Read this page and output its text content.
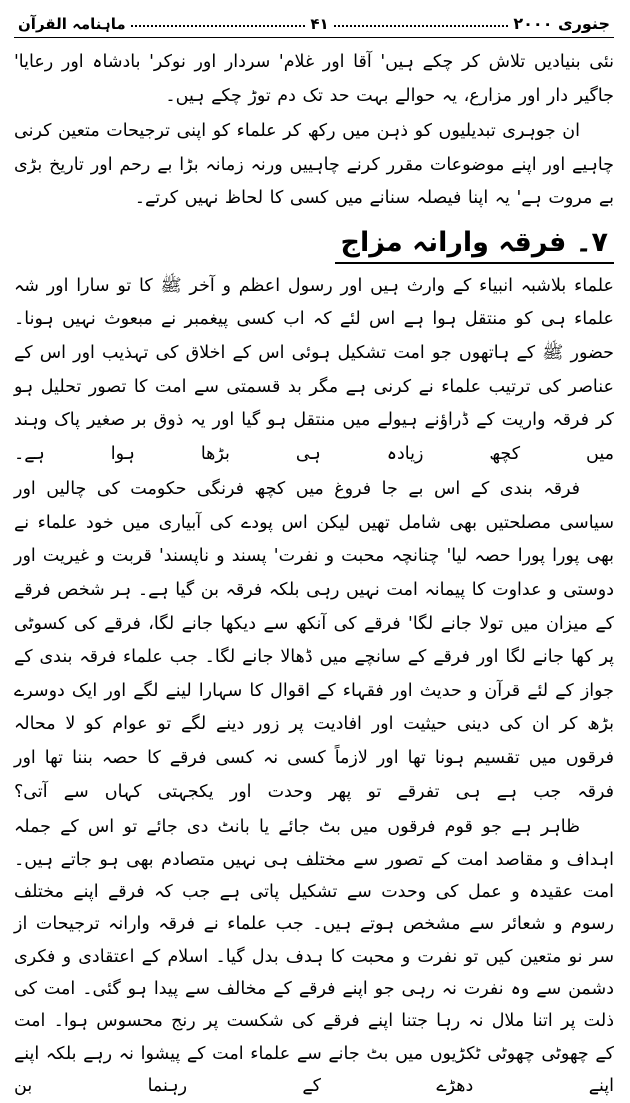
ماہنامہ القرآن	۴۱	جنوری ۲۰۰۰

نئی بنیادیں تلاش کر چکے ہیں' آقا اور غلام' سردار اور نوکر' بادشاہ اور رعایا' جاگیر دار اور مزارع، یہ حوالے بہت حد تک دم توڑ چکے ہیں۔

ان جوہری تبدیلیوں کو ذہن میں رکھ کر علماء کو اپنی ترجیحات متعین کرنی چاہیے اور اپنے موضوعات مقرر کرنے چاہییں ورنہ زمانہ بڑا بے رحم اور تاریخ بڑی بے مروت ہے' یہ اپنا فیصلہ سنانے میں کسی کا لحاظ نہیں کرتے۔

۷۔ فرقہ وارانہ مزاج

علماء بلاشبہ انبیاء کے وارث ہیں اور رسول اعظم و آخر ﷺ کا تو سارا اور شہ علماء ہی کو منتقل ہوا ہے اس لئے کہ اب کسی پیغمبر نے مبعوث نہیں ہونا۔ حضور ﷺ کے ہاتھوں جو امت تشکیل ہوئی اس کے اخلاق کی تہذیب اور اس کے عناصر کی ترتیب علماء نے کرنی ہے مگر بد قسمتی سے امت کا تصور تحلیل ہو کر فرقہ واریت کے ڈراؤنے ہیولے میں منتقل ہو گیا اور یہ ذوق بر صغیر پاک وہند میں کچھ زیادہ ہی بڑھا ہوا ہے۔

فرقہ بندی کے اس بے جا فروغ میں کچھ فرنگی حکومت کی چالیں اور سیاسی مصلحتیں بھی شامل تھیں لیکن اس پودے کی آبیاری میں خود علماء نے بھی پورا پورا حصہ لیا' چنانچہ محبت و نفرت' پسند و ناپسند' قربت و غیریت اور دوستی و عداوت کا پیمانہ امت نہیں رہی بلکہ فرقہ بن گیا ہے۔ ہر شخص فرقے کے میزان میں تولا جانے لگا' فرقے کی آنکھ سے دیکھا جانے لگا، فرقے کی کسوٹی پر کھا جانے لگا اور فرقے کے سانچے میں ڈھالا جانے لگا۔ جب علماء فرقہ بندی کے جواز کے لئے قرآن و حدیث اور فقہاء کے اقوال کا سہارا لینے لگے اور ایک دوسرے بڑھ کر ان کی دینی حیثیت اور افادیت پر زور دینے لگے تو عوام کو لا محالہ فرقوں میں تقسیم ہونا تھا اور لازماً کسی نہ کسی فرقے کا حصہ بننا تھا اور فرقہ جب ہے ہی تفرقے تو پھر وحدت اور یکجہتی کہاں سے آتی؟

ظاہر ہے جو قوم فرقوں میں بٹ جائے یا بانٹ دی جائے تو اس کے جملہ اہداف و مقاصد امت کے تصور سے مختلف ہی نہیں متصادم بھی ہو جاتے ہیں۔ امت عقیدہ و عمل کی وحدت سے تشکیل پاتی ہے جب کہ فرقے اپنے مختلف رسوم و شعائر سے مشخص ہوتے ہیں۔ جب علماء نے فرقہ وارانہ ترجیحات از سر نو متعین کیں تو نفرت و محبت کا ہدف بدل گیا۔ اسلام کے اعتقادی و فکری دشمن سے وہ نفرت نہ رہی جو اپنے فرقے کے مخالف سے پیدا ہو گئی۔ امت کی ذلت پر اتنا ملال نہ رہا جتنا اپنے فرقے کی شکست پر رنج محسوس ہوا۔ امت کے چھوٹی چھوٹی ٹکڑیوں میں بٹ جانے سے علماء امت کے پیشوا نہ رہے بلکہ اپنے اپنے دھڑے کے رہنما بن
